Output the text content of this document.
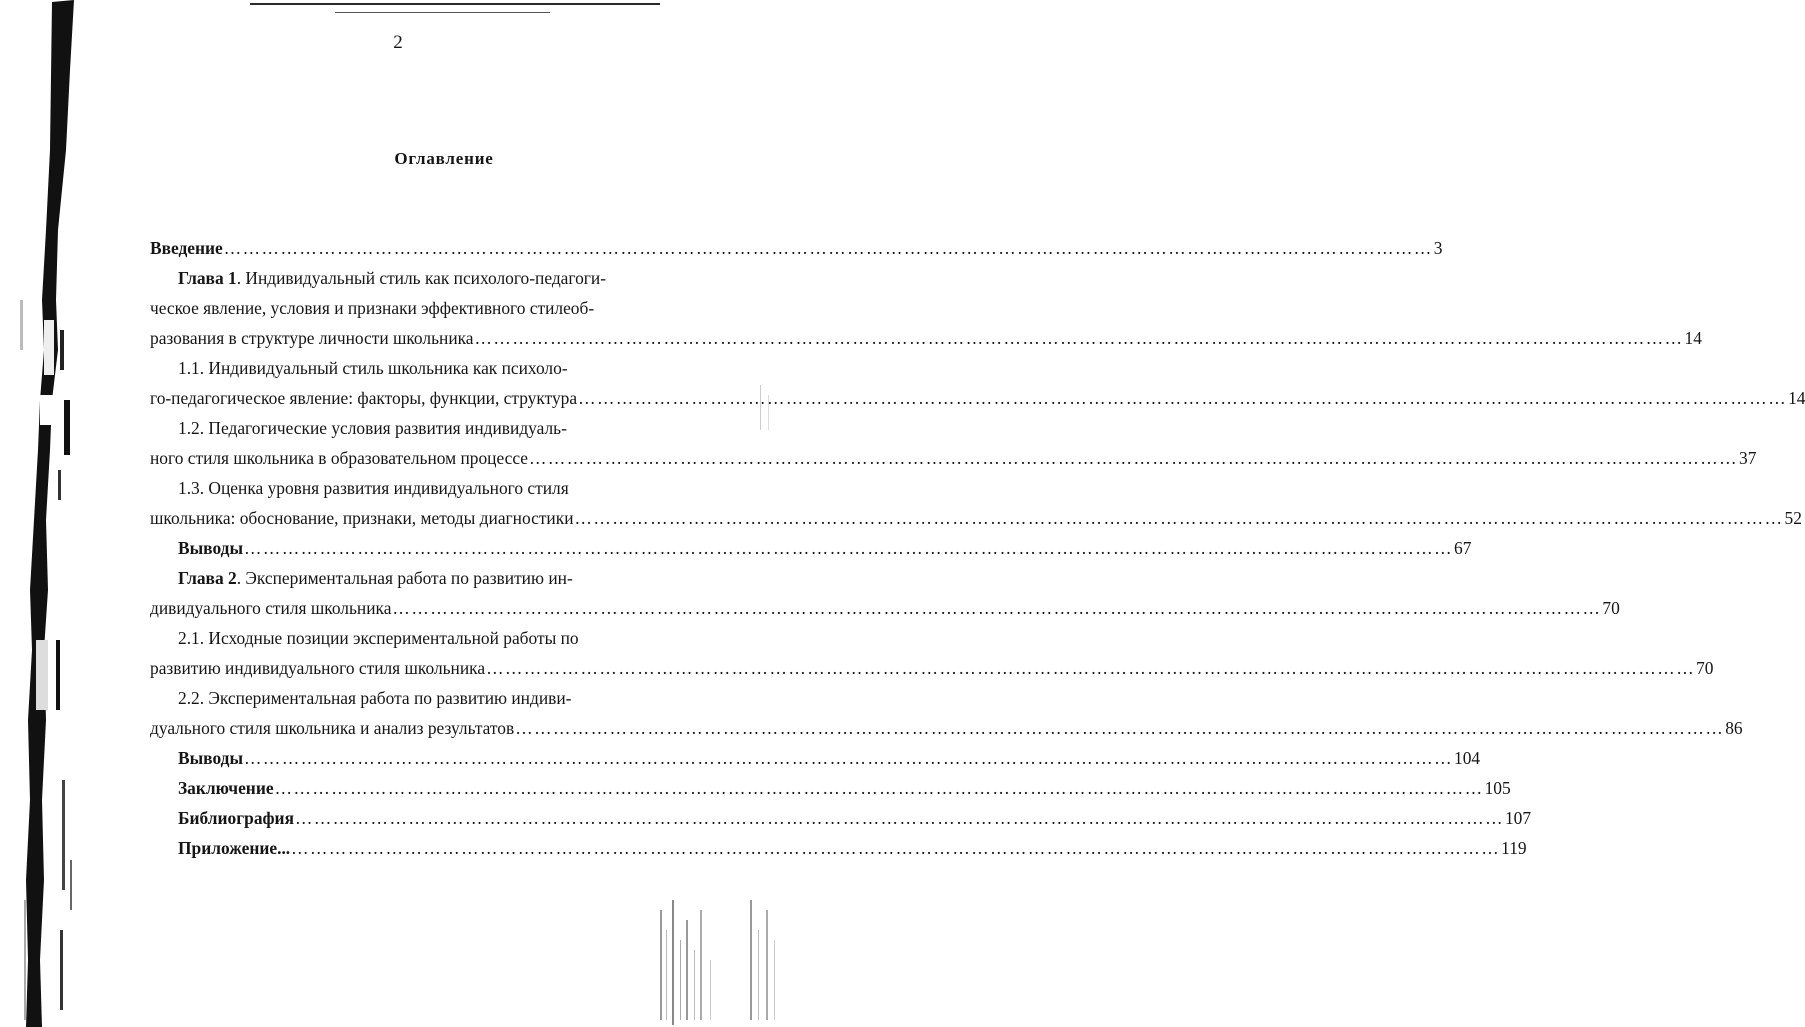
2
Оглавление
Введение ………………………………………………………………………………………………………………………………………………………………………… 3
Глава 1. Индивидуальный стиль как психолого-педагоги-
ческое явление, условия и признаки эффективного стилеоб-
разования в структуре личности школьника ………………………………………………………………………………………………………………………………………………………………………… 14
1.1. Индивидуальный стиль школьника как психоло-
го-педагогическое явление: факторы, функции, структура ………………………………………………………………………………………………………………………………………………………………………… 14
1.2. Педагогические условия развития индивидуаль-
ного стиля школьника в образовательном процессе ………………………………………………………………………………………………………………………………………………………………………… 37
1.3. Оценка уровня развития индивидуального стиля
школьника: обоснование, признаки, методы диагностики ………………………………………………………………………………………………………………………………………………………………………… 52
Выводы ………………………………………………………………………………………………………………………………………………………………………… 67
Глава 2. Экспериментальная работа по развитию ин-
дивидуального стиля школьника ………………………………………………………………………………………………………………………………………………………………………… 70
2.1. Исходные позиции экспериментальной работы по
развитию индивидуального стиля школьника ………………………………………………………………………………………………………………………………………………………………………… 70
2.2. Экспериментальная работа по развитию индиви-
дуального стиля школьника и анализ результатов ………………………………………………………………………………………………………………………………………………………………………… 86
Выводы ………………………………………………………………………………………………………………………………………………………………………… 104
Заключение ………………………………………………………………………………………………………………………………………………………………………… 105
Библиография ………………………………………………………………………………………………………………………………………………………………………… 107
Приложение... ………………………………………………………………………………………………………………………………………………………………………… 119
